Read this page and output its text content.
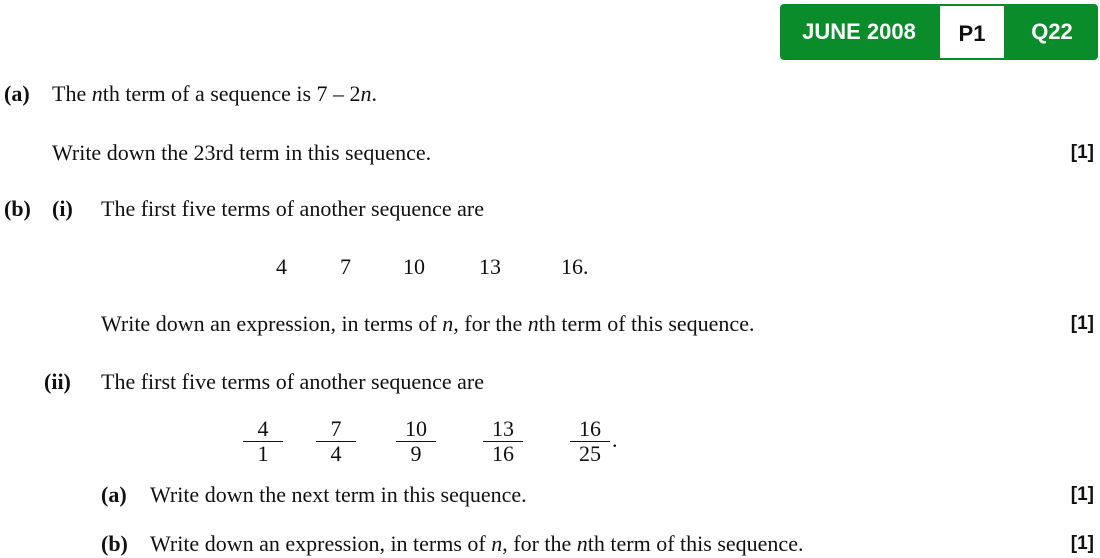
JUNE 2008	P1	Q22
(a) The nth term of a sequence is 7 – 2n.
Write down the 23rd term in this sequence.	[1]
(b) (i) The first five terms of another sequence are
4 7 10 13	16.
Write down an expression, in terms of n, for the nth term of this sequence.	[1]
(ii) The first five terms of another sequence are
$\frac{4}{1} \frac{7}{4} \frac{10}{9} \frac{13}{16} \frac{16}{25}$ .
(a) Write down the next term in this sequence.	[1]
(b) Write down an expression, in terms of n, for the nth term of this sequence.	[1]
